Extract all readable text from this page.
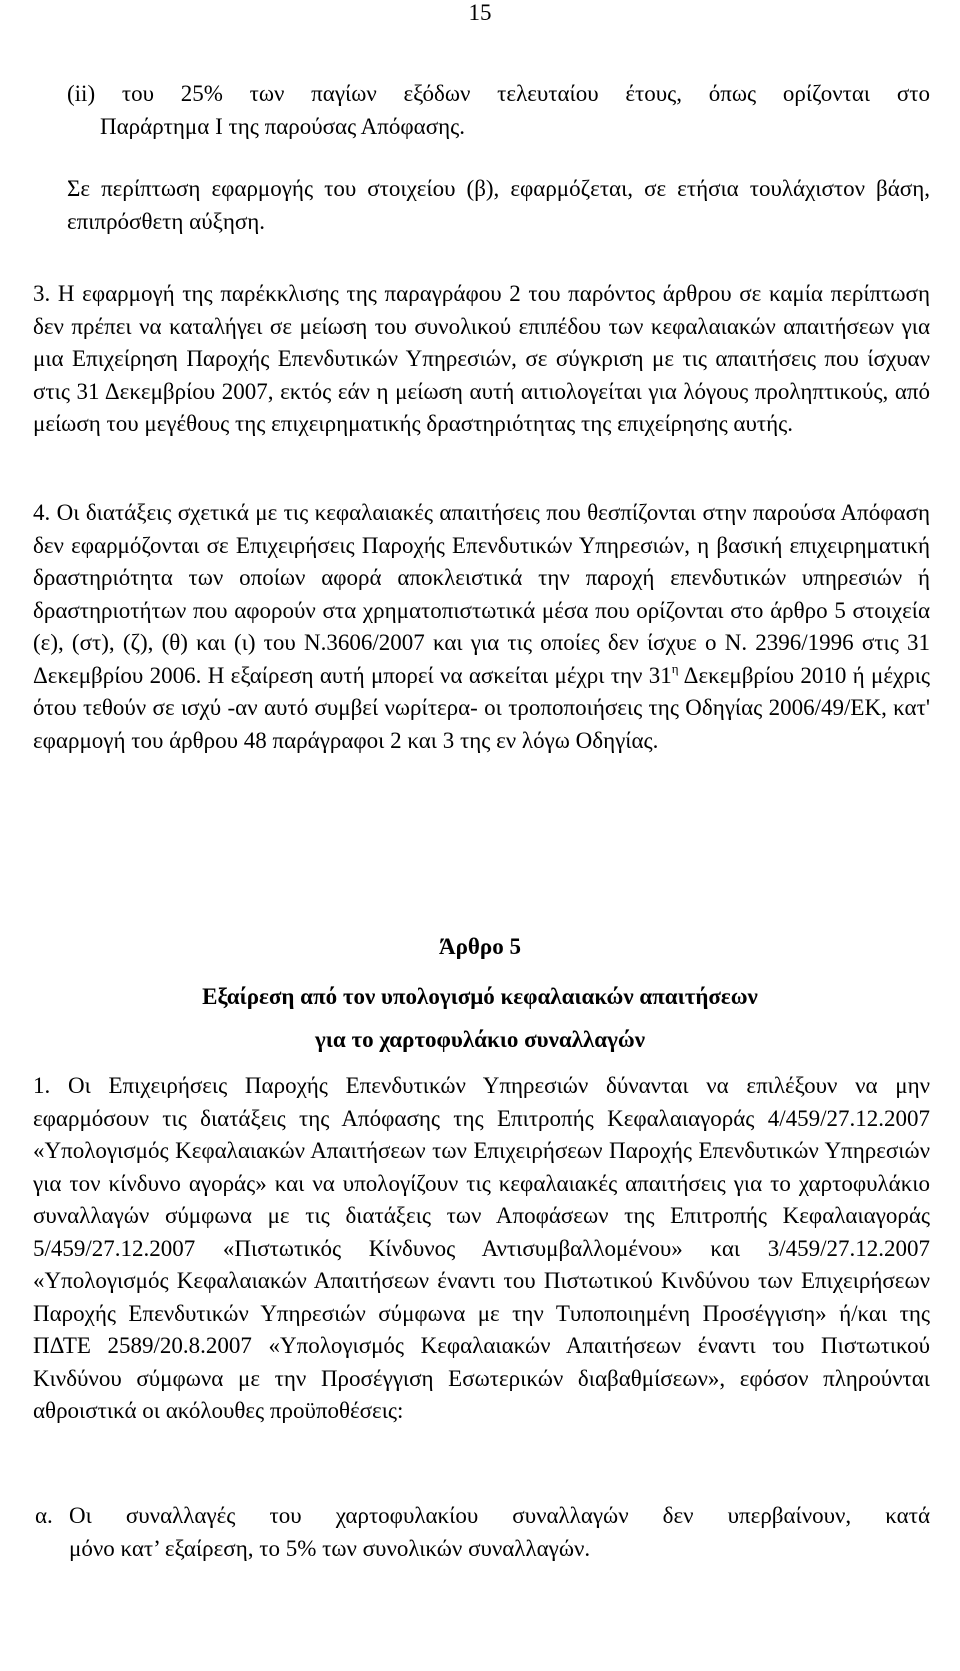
15
(ii) του 25% των παγίων εξόδων τελευταίου έτους, όπως ορίζονται στο
Παράρτημα Ι της παρούσας Απόφασης.
Σε περίπτωση εφαρμογής του στοιχείου (β), εφαρμόζεται, σε ετήσια τουλάχιστον βάση, επιπρόσθετη αύξηση.
3. Η εφαρμογή της παρέκκλισης της παραγράφου 2 του παρόντος άρθρου σε καμία περίπτωση δεν πρέπει να καταλήγει σε μείωση του συνολικού επιπέδου των κεφαλαιακών απαιτήσεων για μια Επιχείρηση Παροχής Επενδυτικών Υπηρεσιών, σε σύγκριση με τις απαιτήσεις που ίσχυαν στις 31 Δεκεμβρίου 2007, εκτός εάν η μείωση αυτή αιτιολογείται για λόγους προληπτικούς, από μείωση του μεγέθους της επιχειρηματικής δραστηριότητας της επιχείρησης αυτής.
4. Οι διατάξεις σχετικά με τις κεφαλαιακές απαιτήσεις που θεσπίζονται στην παρούσα Απόφαση δεν εφαρμόζονται σε Επιχειρήσεις Παροχής Επενδυτικών Υπηρεσιών, η βασική επιχειρηματική δραστηριότητα των οποίων αφορά αποκλειστικά την παροχή επενδυτικών υπηρεσιών ή δραστηριοτήτων που αφορούν στα χρηματοπιστωτικά μέσα που ορίζονται στο άρθρο 5 στοιχεία (ε), (στ), (ζ), (θ) και (ι) του Ν.3606/2007 και για τις οποίες δεν ίσχυε ο Ν. 2396/1996 στις 31 Δεκεμβρίου 2006. Η εξαίρεση αυτή μπορεί να ασκείται μέχρι την $31^\eta$ Δεκεμβρίου 2010 ή μέχρις ότου τεθούν σε ισχύ -αν αυτό συμβεί νωρίτερα- οι τροποποιήσεις της Οδηγίας 2006/49/ΕΚ, κατ' εφαρμογή του άρθρου 48 παράγραφοι 2 και 3 της εν λόγω Οδηγίας.
Άρθρο 5
Εξαίρεση από τον υπολογισμό κεφαλαιακών απαιτήσεων
για το χαρτοφυλάκιο συναλλαγών
1. Οι Επιχειρήσεις Παροχής Επενδυτικών Υπηρεσιών δύνανται να επιλέξουν να μην εφαρμόσουν τις διατάξεις της Απόφασης της Επιτροπής Κεφαλαιαγοράς 4/459/27.12.2007 «Υπολογισμός Κεφαλαιακών Απαιτήσεων των Επιχειρήσεων Παροχής Επενδυτικών Υπηρεσιών για τον κίνδυνο αγοράς» και να υπολογίζουν τις κεφαλαιακές απαιτήσεις για το χαρτοφυλάκιο συναλλαγών σύμφωνα με τις διατάξεις των Αποφάσεων της Επιτροπής Κεφαλαιαγοράς 5/459/27.12.2007 «Πιστωτικός Κίνδυνος Αντισυμβαλλομένου» και 3/459/27.12.2007 «Υπολογισμός Κεφαλαιακών Απαιτήσεων έναντι του Πιστωτικού Κινδύνου των Επιχειρήσεων Παροχής Επενδυτικών Υπηρεσιών σύμφωνα με την Τυποποιημένη Προσέγγιση» ή/και της ΠΔΤΕ 2589/20.8.2007 «Υπολογισμός Κεφαλαιακών Απαιτήσεων έναντι του Πιστωτικού Κινδύνου σύμφωνα με την Προσέγγιση Εσωτερικών διαβαθμίσεων», εφόσον πληρούνται αθροιστικά οι ακόλουθες προϋποθέσεις:
α. Οι συναλλαγές του χαρτοφυλακίου συναλλαγών δεν υπερβαίνουν, κατά
μόνο κατ’ εξαίρεση, το 5% των συνολικών συναλλαγών.
